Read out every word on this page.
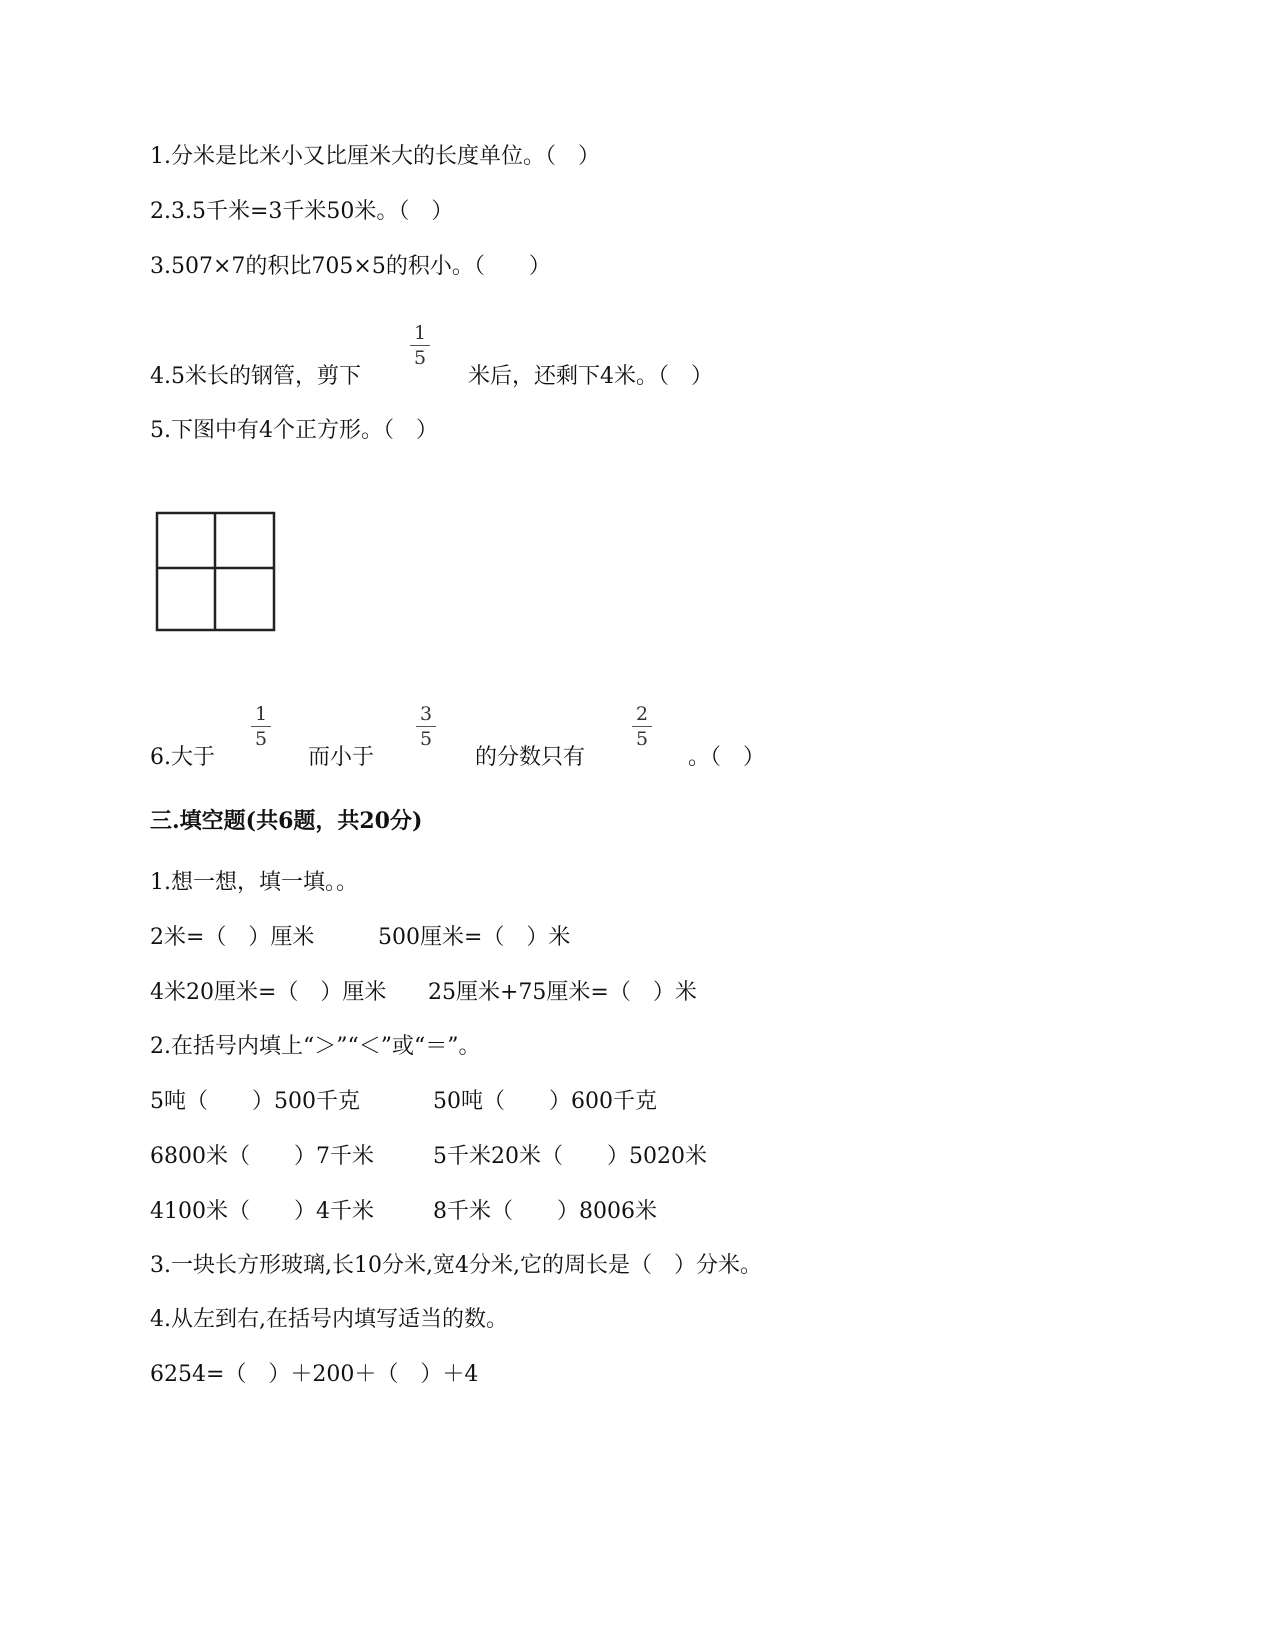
1.分米是比米小又比厘米大的长度单位。（　）
2.3.5千米=3千米50米。（　）
3.507×7的积比705×5的积小。（　　）
4.5米长的钢管，剪下
1
5
米后，还剩下4米。（　）
5.下图中有4个正方形。（　）
6.大于
1
5
而小于
3
5
的分数只有
2
5
。（　）
三.填空题(共6题，共20分)
1.想一想，填一填。。
2米=（　）厘米	500厘米=（　）米
4米20厘米=（　）厘米 25厘米+75厘米=（　）米
2.在括号内填上“＞”“＜”或“＝”。
5吨（　　）500千克	50吨（　　）600千克
6800米（　　）7千米	5千米20米（　　）5020米
4100米（　　）4千米	8千米（　　）8006米
3.一块长方形玻璃,长10分米,宽4分米,它的周长是（　）分米。
4.从左到右,在括号内填写适当的数。
6254=（　）＋200＋（　）＋4
